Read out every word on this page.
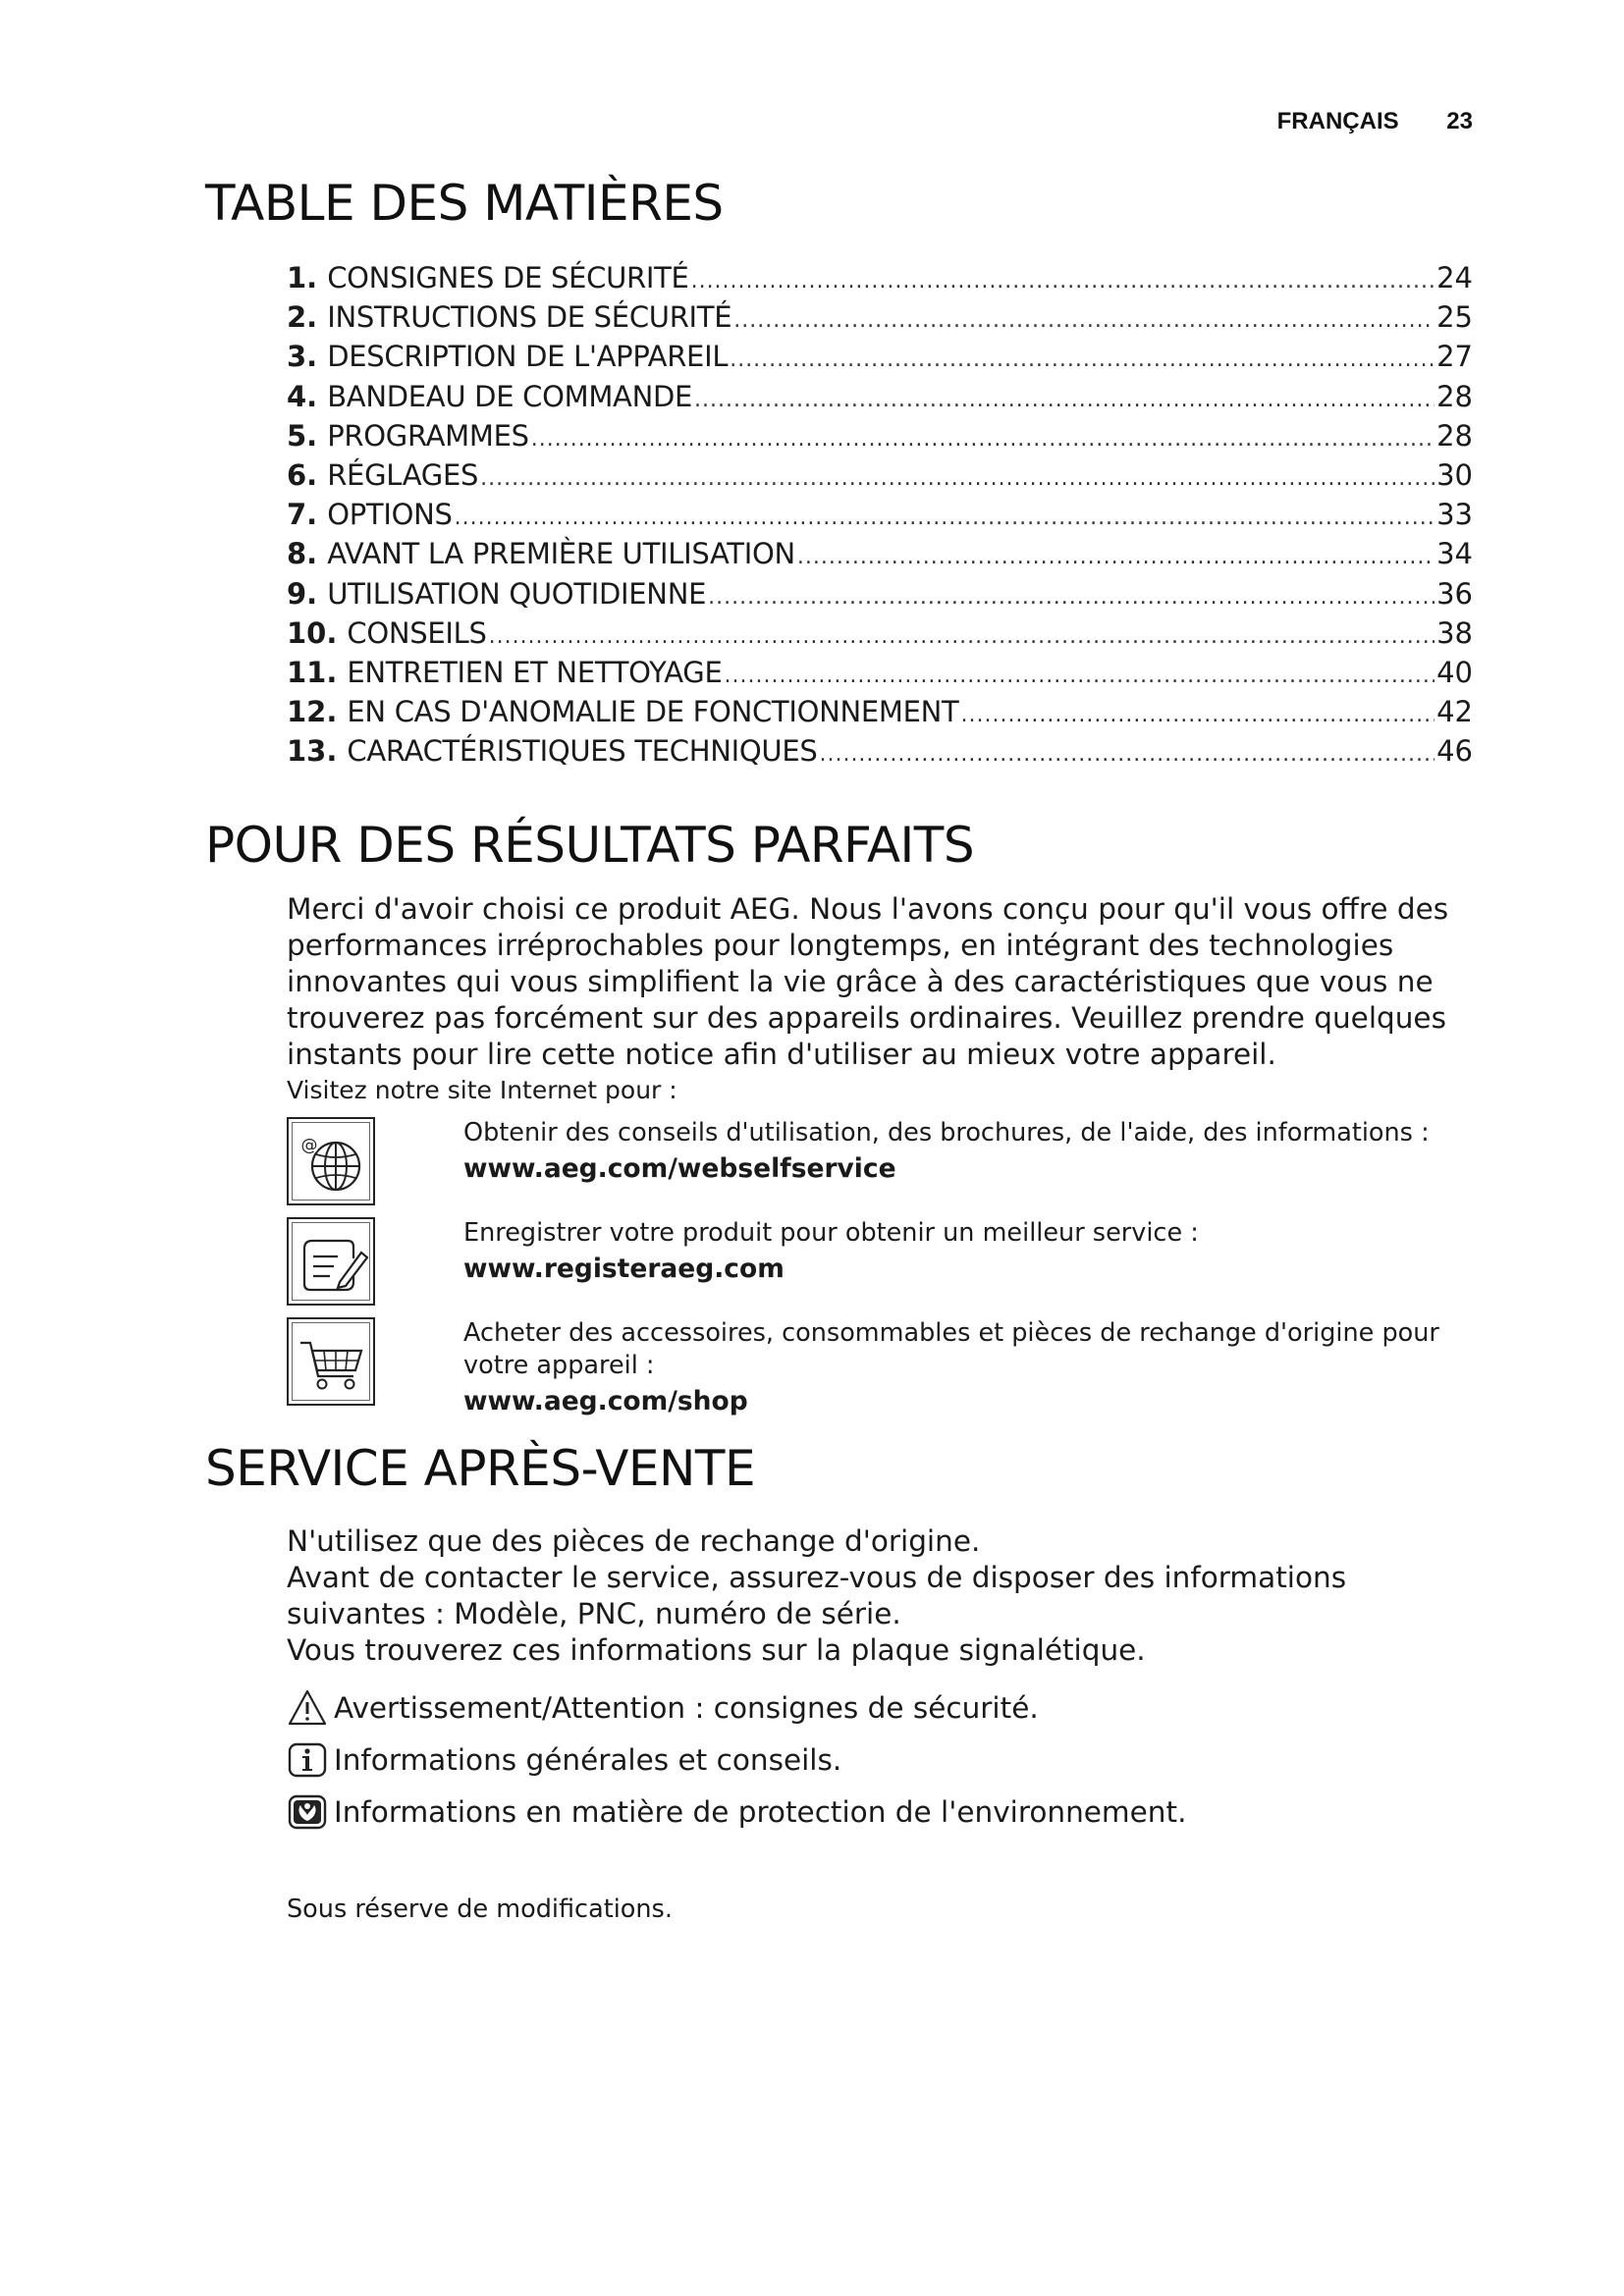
FRANÇAIS 23
TABLE DES MATIÈRES
1. CONSIGNES DE SÉCURITÉ .....	24
2. INSTRUCTIONS DE SÉCURITÉ .....	25
3. DESCRIPTION DE L'APPAREIL .....	27
4. BANDEAU DE COMMANDE .....	28
5. PROGRAMMES .....	28
6. RÉGLAGES .....	30
7. OPTIONS .....	33
8. AVANT LA PREMIÈRE UTILISATION .....	34
9. UTILISATION QUOTIDIENNE .....	36
10. CONSEILS .....	38
11. ENTRETIEN ET NETTOYAGE .....	40
12. EN CAS D'ANOMALIE DE FONCTIONNEMENT .....	42
13. CARACTÉRISTIQUES TECHNIQUES .....	46
POUR DES RÉSULTATS PARFAITS

Merci d'avoir choisi ce produit AEG. Nous l'avons conçu pour qu'il vous offre des performances irréprochables pour longtemps, en intégrant des technologies innovantes qui vous simplifient la vie grâce à des caractéristiques que vous ne trouverez pas forcément sur des appareils ordinaires. Veuillez prendre quelques instants pour lire cette notice afin d'utiliser au mieux votre appareil.

Visitez notre site Internet pour :
@	Obtenir des conseils d'utilisation, des brochures, de l'aide, des informations :
www.aeg.com/webselfservice
Enregistrer votre produit pour obtenir un meilleur service :
www.registeraeg.com
Acheter des accessoires, consommables et pièces de rechange d'origine pour votre appareil :
www.aeg.com/shop
SERVICE APRÈS-VENTE
N'utilisez que des pièces de rechange d'origine.
Avant de contacter le service, assurez-vous de disposer des informations suivantes : Modèle, PNC, numéro de série.
Vous trouverez ces informations sur la plaque signalétique.
Avertissement/Attention : consignes de sécurité.
Informations générales et conseils.
Informations en matière de protection de l'environnement.
Sous réserve de modifications.
